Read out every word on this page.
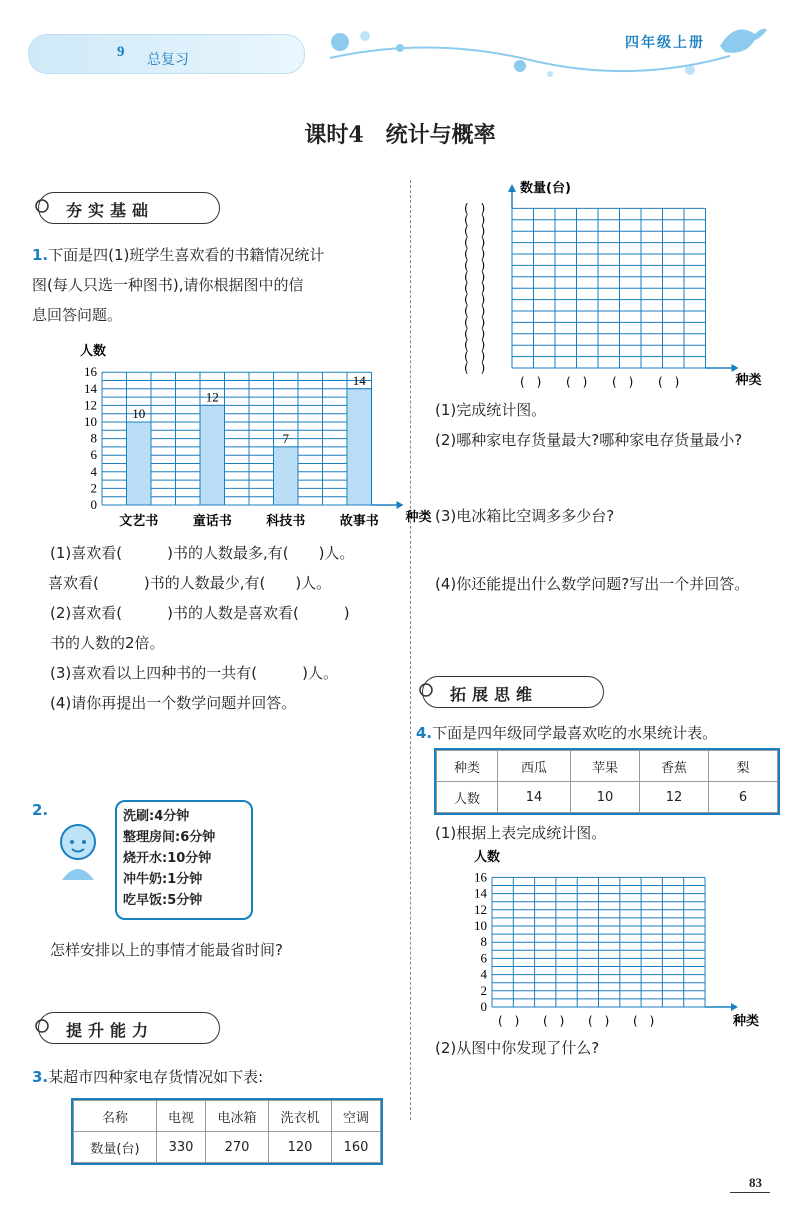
9 总复习
四年级上册
课时4　统计与概率
夯实基础
1.下面是四(1)班学生喜欢看的书籍情况统计
图(每人只选一种图书),请你根据图中的信
息回答问题。
0
2
4
6
8
10
12
14
16
人数
种类
10
文艺书
12
童话书
7
科技书
14
故事书
(1)喜欢看(　　　)书的人数最多,有(　　)人。
喜欢看(　　　)书的人数最少,有(　　)人。
(2)喜欢看(　　　)书的人数是喜欢看(　　　)
书的人数的2倍。
(3)喜欢看以上四种书的一共有(　　　)人。
(4)请你再提出一个数学问题并回答。
2.	洗刷:4分钟
整理房间:6分钟
烧开水:10分钟
冲牛奶:1分钟
吃早饭:5分钟
怎样安排以上的事情才能最省时间?
提升能力
3.某超市四种家电存货情况如下表:
名称	电视	电冰箱	洗衣机	空调
数量(台)	330	270	120	160
数量(台)
(　)
(　)
(　)
(　)
(　)
(　)
(　)
(　)
(　)
(　)
(　)
(　)
(　)
(　)
(　)
(　) (　) (　) (　)	种类
(1)完成统计图。
(2)哪种家电存货量最大?哪种家电存货量最小?
(3)电冰箱比空调多多少台?
(4)你还能提出什么数学问题?写出一个并回答。
拓展思维
4.下面是四年级同学最喜欢吃的水果统计表。
种类	西瓜	苹果	香蕉	梨
人数	14	10	12	6
(1)根据上表完成统计图。
人数
0
2
4
6
8
10
12
14
16
(　) (　) (　) (　)	种类
(2)从图中你发现了什么?
83
